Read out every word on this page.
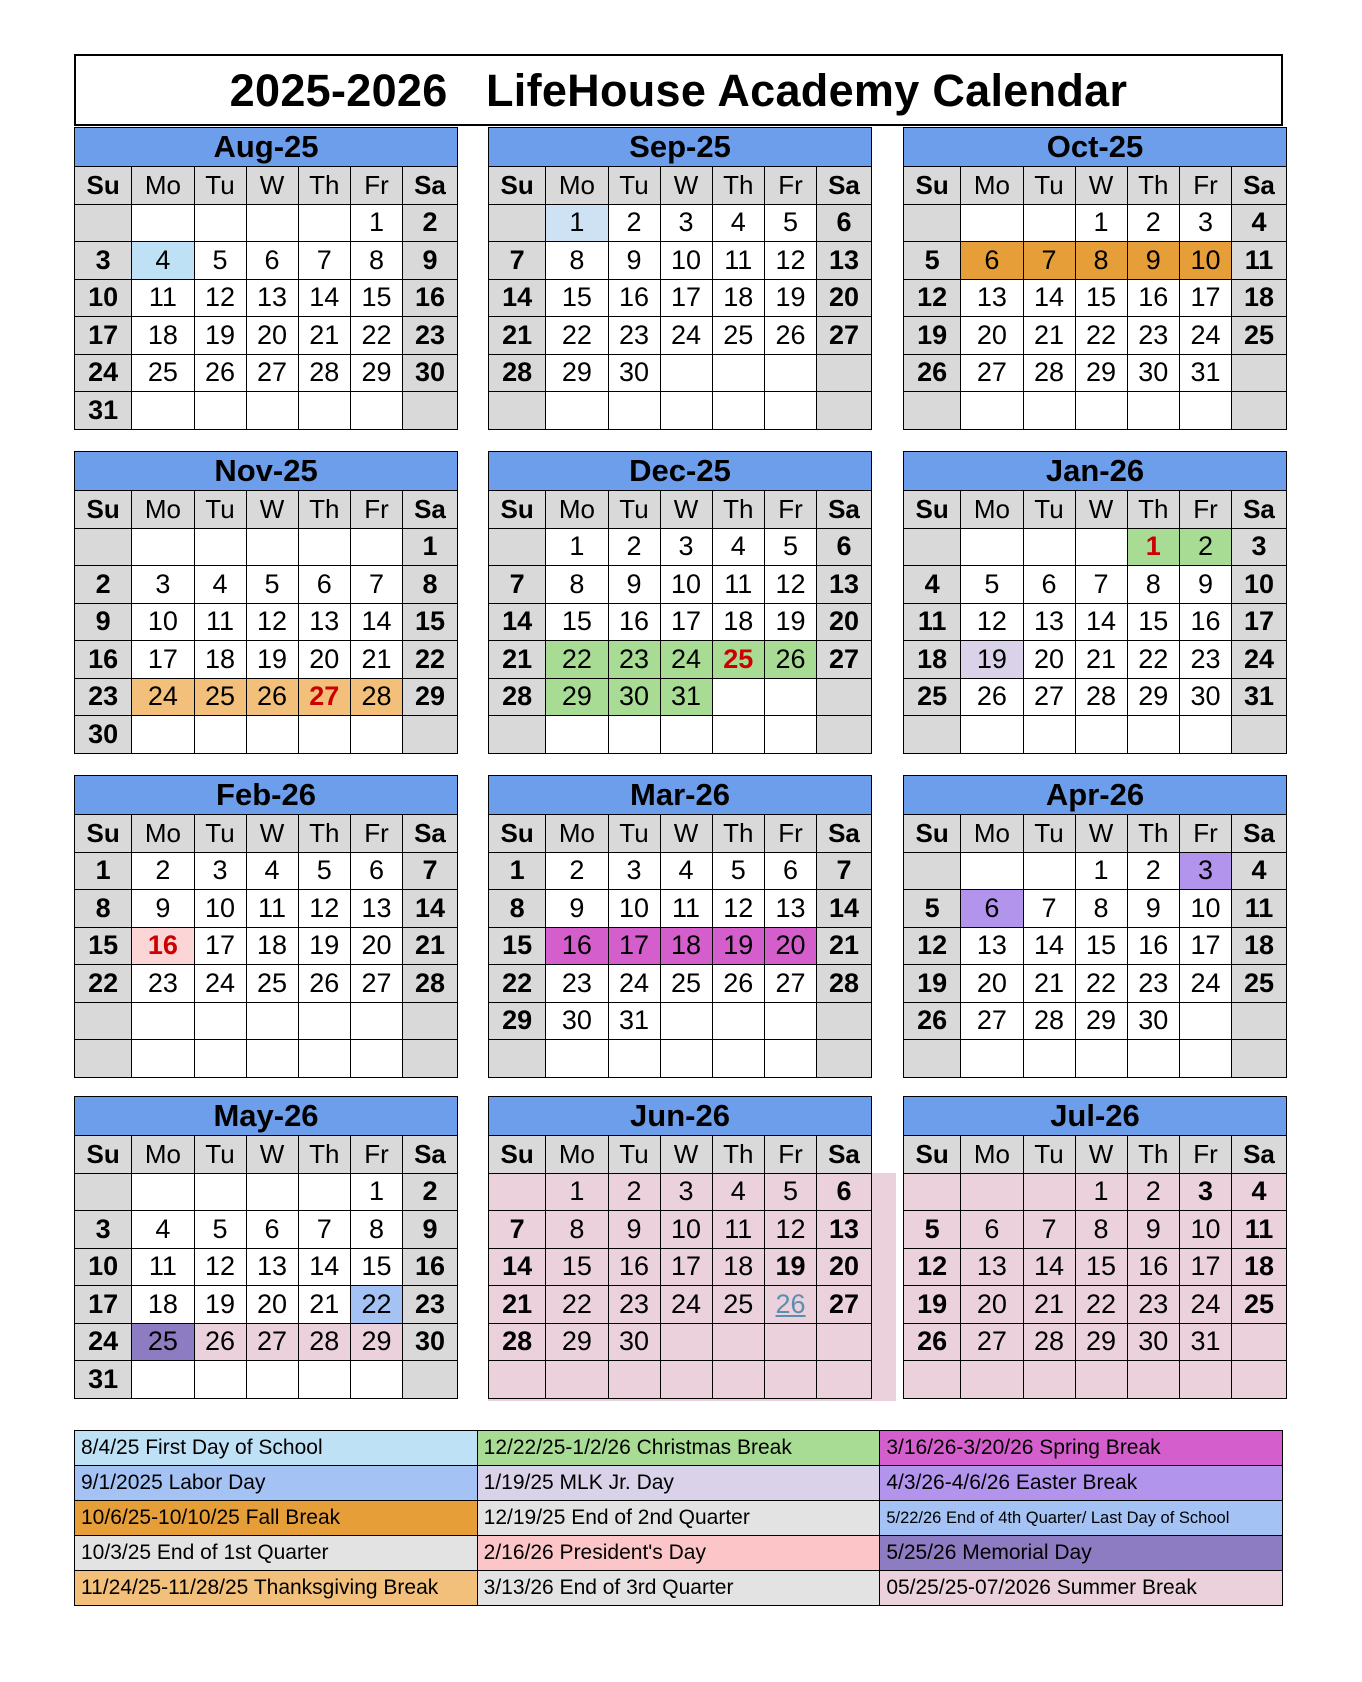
2025-2026   LifeHouse Academy Calendar
Aug-25						
Su	Mo	Tu	W	Th	Fr	Sa
					1	2
3	4	5	6	7	8	9
10	11	12	13	14	15	16
17	18	19	20	21	22	23
24	25	26	27	28	29	30
31						
Sep-25						
Su	Mo	Tu	W	Th	Fr	Sa
	1	2	3	4	5	6
7	8	9	10	11	12	13
14	15	16	17	18	19	20
21	22	23	24	25	26	27
28	29	30				

Oct-25						
Su	Mo	Tu	W	Th	Fr	Sa
			1	2	3	4
5	6	7	8	9	10	11
12	13	14	15	16	17	18
19	20	21	22	23	24	25
26	27	28	29	30	31	

Nov-25						
Su	Mo	Tu	W	Th	Fr	Sa
						1
2	3	4	5	6	7	8
9	10	11	12	13	14	15
16	17	18	19	20	21	22
23	24	25	26	27	28	29
30						
Dec-25						
Su	Mo	Tu	W	Th	Fr	Sa
	1	2	3	4	5	6
7	8	9	10	11	12	13
14	15	16	17	18	19	20
21	22	23	24	25	26	27
28	29	30	31			

Jan-26						
Su	Mo	Tu	W	Th	Fr	Sa
				1	2	3
4	5	6	7	8	9	10
11	12	13	14	15	16	17
18	19	20	21	22	23	24
25	26	27	28	29	30	31

Feb-26						
Su	Mo	Tu	W	Th	Fr	Sa
1	2	3	4	5	6	7
8	9	10	11	12	13	14
15	16	17	18	19	20	21
22	23	24	25	26	27	28

Mar-26						
Su	Mo	Tu	W	Th	Fr	Sa
1	2	3	4	5	6	7
8	9	10	11	12	13	14
15	16	17	18	19	20	21
22	23	24	25	26	27	28
29	30	31				

Apr-26						
Su	Mo	Tu	W	Th	Fr	Sa
			1	2	3	4
5	6	7	8	9	10	11
12	13	14	15	16	17	18
19	20	21	22	23	24	25
26	27	28	29	30		

May-26						
Su	Mo	Tu	W	Th	Fr	Sa
					1	2
3	4	5	6	7	8	9
10	11	12	13	14	15	16
17	18	19	20	21	22	23
24	25	26	27	28	29	30
31						
Jun-26						
Su	Mo	Tu	W	Th	Fr	Sa
	1	2	3	4	5	6
7	8	9	10	11	12	13
14	15	16	17	18	19	20
21	22	23	24	25	26	27
28	29	30				

Jul-26						
Su	Mo	Tu	W	Th	Fr	Sa
			1	2	3	4
5	6	7	8	9	10	11
12	13	14	15	16	17	18
19	20	21	22	23	24	25
26	27	28	29	30	31	

8/4/25 First Day of School	12/22/25-1/2/26 Christmas Break	3/16/26-3/20/26 Spring Break
9/1/2025 Labor Day	1/19/25 MLK Jr. Day	4/3/26-4/6/26 Easter Break
10/6/25-10/10/25 Fall Break	12/19/25 End of 2nd Quarter	5/22/26 End of 4th Quarter/ Last Day of School
10/3/25 End of 1st Quarter	2/16/26 President's Day	5/25/26 Memorial Day
11/24/25-11/28/25 Thanksgiving Break	3/13/26 End of 3rd Quarter	05/25/25-07/2026 Summer Break
